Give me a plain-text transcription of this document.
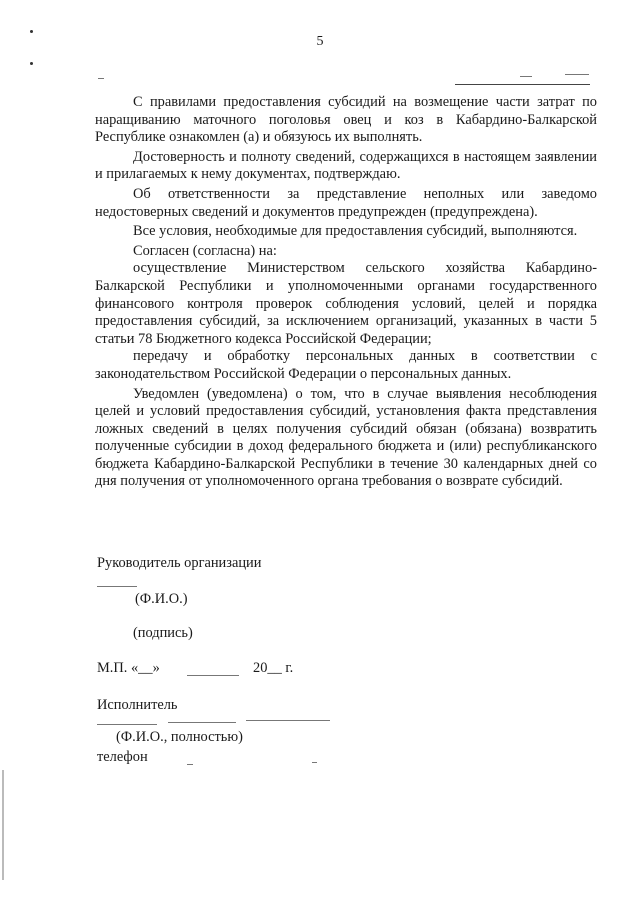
5

С правилами предоставления субсидий на возмещение части затрат по наращиванию маточного поголовья овец и коз в Кабардино-Балкарской Республике ознакомлен (а) и обязуюсь их выполнять.

Достоверность и полноту сведений, содержащихся в настоящем заявлении и прилагаемых к нему документах, подтверждаю.

Об ответственности за представление неполных или заведомо недостоверных сведений и документов предупрежден (предупреждена).

Все условия, необходимые для предоставления субсидий, выполняются.

Согласен (согласна) на:

осуществление Министерством сельского хозяйства Кабардино-Балкарской Республики и уполномоченными органами государственного финансового контроля проверок соблюдения условий, целей и порядка предоставления субсидий, за исключением организаций, указанных в части 5 статьи 78 Бюджетного кодекса Российской Федерации;

передачу и обработку персональных данных в соответствии с законодательством Российской Федерации о персональных данных.

Уведомлен (уведомлена) о том, что в случае выявления несоблюдения целей и условий предоставления субсидий, установления факта представления ложных сведений в целях получения субсидий обязан (обязана) возвратить полученные субсидии в доход федерального бюджета и (или) республиканского бюджета Кабардино-Балкарской Республики в течение 30 календарных дней со дня получения от уполномоченного органа требования о возврате субсидий.

Руководитель организации
(Ф.И.О.)
(подпись)
М.П. «__»	20__ г.
Исполнитель
(Ф.И.О., полностью)
телефон
